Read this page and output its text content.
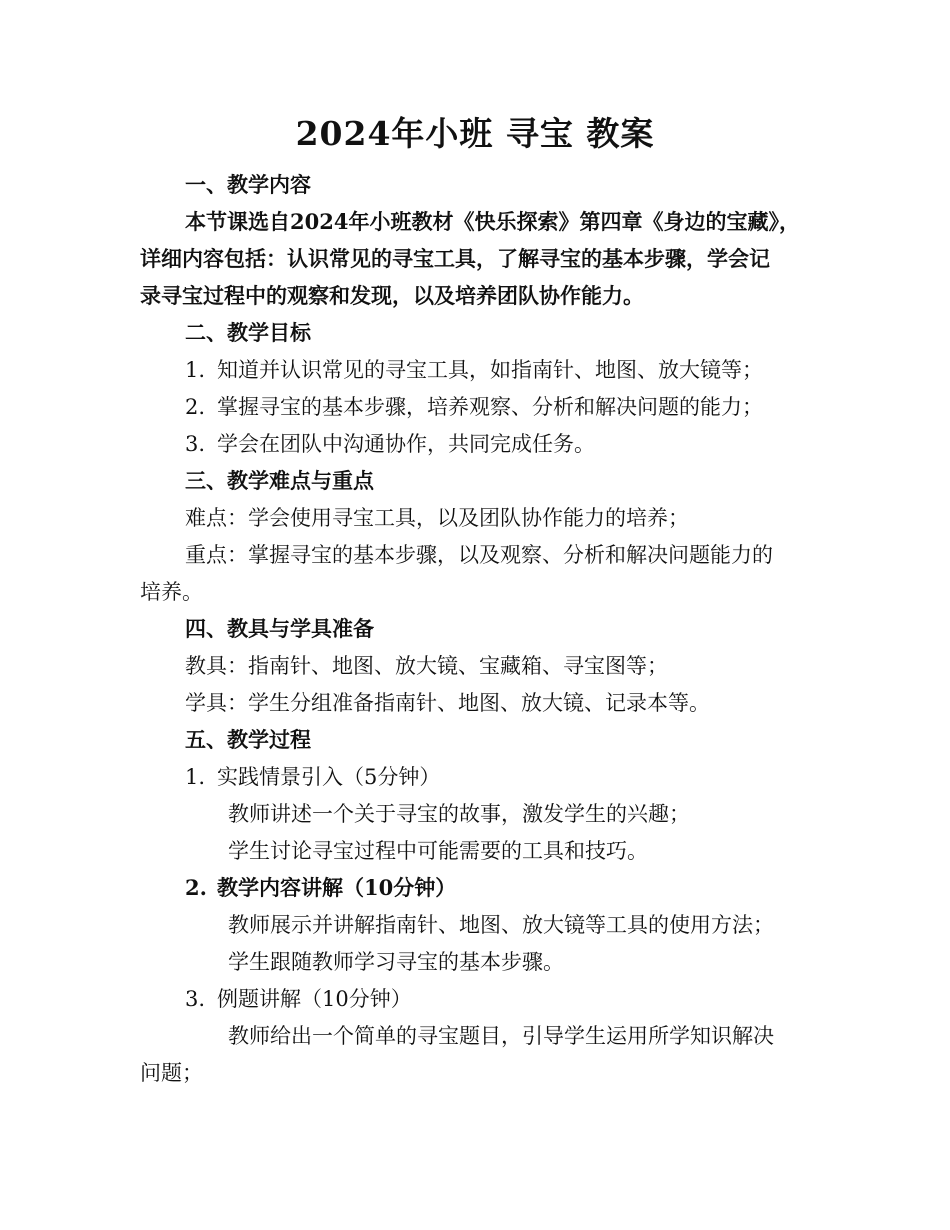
2024年小班 寻宝 教案
一、教学内容
本节课选自2024年小班教材《快乐探索》第四章《身边的宝藏》，
详细内容包括：认识常见的寻宝工具，了解寻宝的基本步骤，学会记
录寻宝过程中的观察和发现，以及培养团队协作能力。
二、教学目标
1. 知道并认识常见的寻宝工具，如指南针、地图、放大镜等；
2. 掌握寻宝的基本步骤，培养观察、分析和解决问题的能力；
3. 学会在团队中沟通协作，共同完成任务。
三、教学难点与重点
难点：学会使用寻宝工具，以及团队协作能力的培养；
重点：掌握寻宝的基本步骤，以及观察、分析和解决问题能力的
培养。
四、教具与学具准备
教具：指南针、地图、放大镜、宝藏箱、寻宝图等；
学具：学生分组准备指南针、地图、放大镜、记录本等。
五、教学过程
1. 实践情景引入（5分钟）
教师讲述一个关于寻宝的故事，激发学生的兴趣；
学生讨论寻宝过程中可能需要的工具和技巧。
2. 教学内容讲解（10分钟）
教师展示并讲解指南针、地图、放大镜等工具的使用方法；
学生跟随教师学习寻宝的基本步骤。
3. 例题讲解（10分钟）
教师给出一个简单的寻宝题目，引导学生运用所学知识解决
问题；
